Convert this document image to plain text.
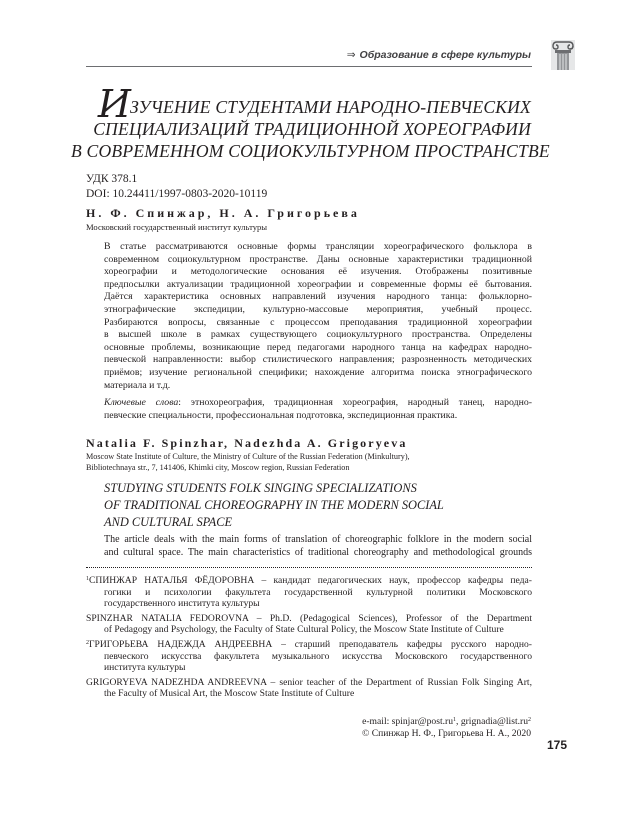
⇒ Образование в сфере культуры
ИЗУЧЕНИЕ СТУДЕНТАМИ НАРОДНО-ПЕВЧЕСКИХ
СПЕЦИАЛИЗАЦИЙ ТРАДИЦИОННОЙ ХОРЕОГРАФИИ
В СОВРЕМЕННОМ СОЦИОКУЛЬТУРНОМ ПРОСТРАНСТВЕ
УДК 378.1
DOI: 10.24411/1997-0803-2020-10119
Н. Ф. Спинжар, Н. А. Григорьева
Московский государственный институт культуры
В статье рассматриваются основные формы трансляции хореографического фольклора в
современном социокультурном пространстве. Даны основные характеристики традиционной
хореографии и методологические основания её изучения. Отображены позитивные
предпосылки актуализации традиционной хореографии и современные формы её бытования.
Даётся характеристика основных направлений изучения народного танца: фольклорно-
этнографические экспедиции, культурно-массовые мероприятия, учебный процесс.
Разбираются вопросы, связанные с процессом преподавания традиционной хореографии
в высшей школе в рамках существующего социокультурного пространства. Определены
основные проблемы, возникающие перед педагогами народного танца на кафедрах народно-
певческой направленности: выбор стилистического направления; разрозненность методических
приёмов; изучение региональной специфики; нахождение алгоритма поиска этнографического
материала и т.д.
Ключевые слова: этнохореография, традиционная хореография, народный танец, народно-
певческие специальности, профессиональная подготовка, экспедиционная практика.
Natalia F. Spinzhar, Nadezhda A. Grigoryeva
Moscow State Institute of Culture, the Ministry of Culture of the Russian Federation (Minkultury),
Bibliotechnaya str., 7, 141406, Khimki city, Moscow region, Russian Federation
STUDYING STUDENTS FOLK SINGING SPECIALIZATIONS
OF TRADITIONAL CHOREOGRAPHY IN THE MODERN SOCIAL
AND CULTURAL SPACE
The article deals with the main forms of translation of choreographic folklore in the modern social
and cultural space. The main characteristics of traditional choreography and methodological grounds
$^1$СПИНЖАР НАТАЛЬЯ ФЁДОРОВНА – кандидат педагогических наук, профессор кафедры педа-
гогики и психологии факультета государственной культурной политики Московского
государственного института культуры
SPINZHAR NATALIA FEDOROVNA – Ph.D. (Pedagogical Sciences), Professor of the Department
of Pedagogy and Psychology, the Faculty of State Cultural Policy, the Moscow State Institute of Culture
$^2$ГРИГОРЬЕВА НАДЕЖДА АНДРЕЕВНА – старший преподаватель кафедры русского народно-
певческого искусства факультета музыкального искусства Московского государственного
института культуры
GRIGORYEVA NADEZHDA ANDREEVNA – senior teacher of the Department of Russian Folk Singing Art,
the Faculty of Musical Art, the Moscow State Institute of Culture
e-mail: $spinjar@post.ru^1$, $grignadia@list.ru^2$
© Спинжар Н. Ф., Григорьева Н. А., 2020
175
